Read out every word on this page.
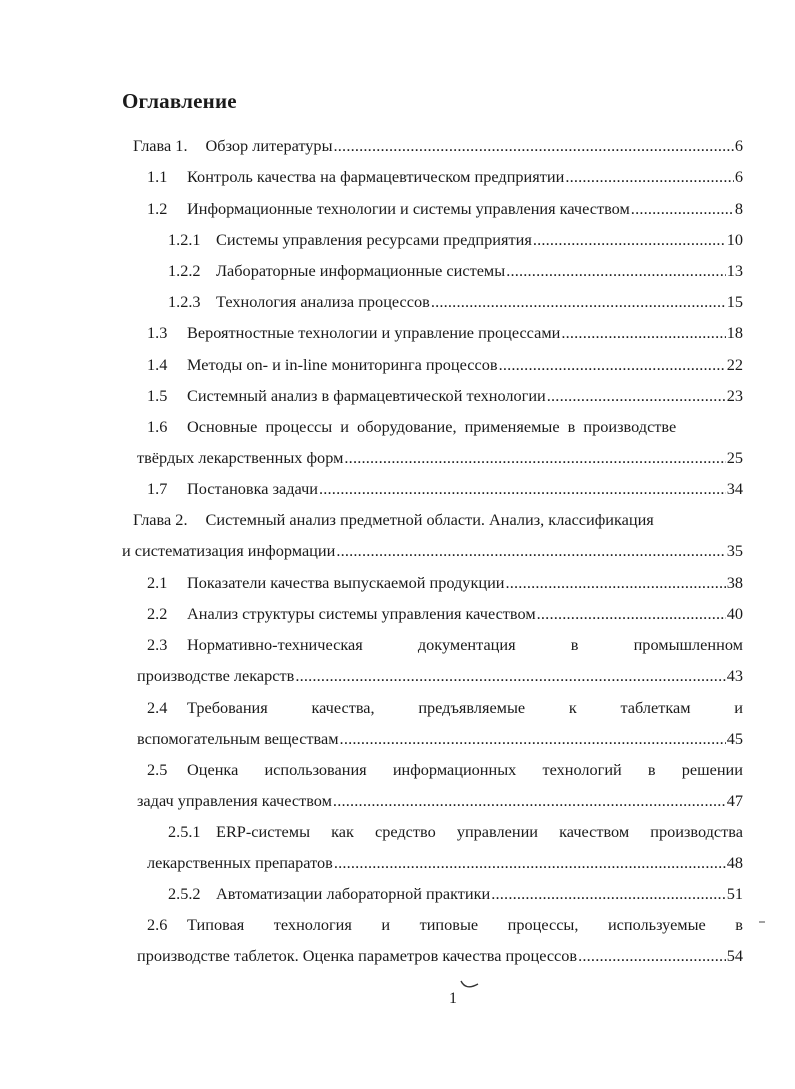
Оглавление
Глава 1. Обзор литературы .....	6
1.1	Контроль качества на фармацевтическом предприятии .....	6
1.2	Информационные технологии и системы управления качеством .....	8
1.2.1 Системы управления ресурсами предприятия .....	10
1.2.2 Лабораторные информационные системы .....	13
1.2.3 Технология анализа процессов .....	15
1.3	Вероятностные технологии и управление процессами .....	18
1.4	Методы on- и in-line мониторинга процессов .....	22
1.5	Системный анализ в фармацевтической технологии .....	23
1.6	Основные процессы и оборудование, применяемые в производстве
твёрдых лекарственных форм .....	25
1.7	Постановка задачи .....	34
Глава 2. Системный анализ предметной области. Анализ, классификация
и систематизация информации .....	35
2.1	Показатели качества выпускаемой продукции .....	38
2.2	Анализ структуры системы управления качеством .....	40
2.3	Нормативно-техническая	документация	в	промышленном
производстве лекарств .....	43
2.4	Требования	качества,	предъявляемые	к	таблеткам	и
вспомогательным веществам .....	45
2.5	Оценка использования информационных технологий в решении
задач управления качеством .....	47
2.5.1 ERP-системы как средство управлении качеством производства
лекарственных препаратов .....	48
2.5.2 Автоматизации лабораторной практики .....	51
2.6	Типовая технология и типовые процессы, используемые в
производстве таблеток. Оценка параметров качества процессов .....	54
1
